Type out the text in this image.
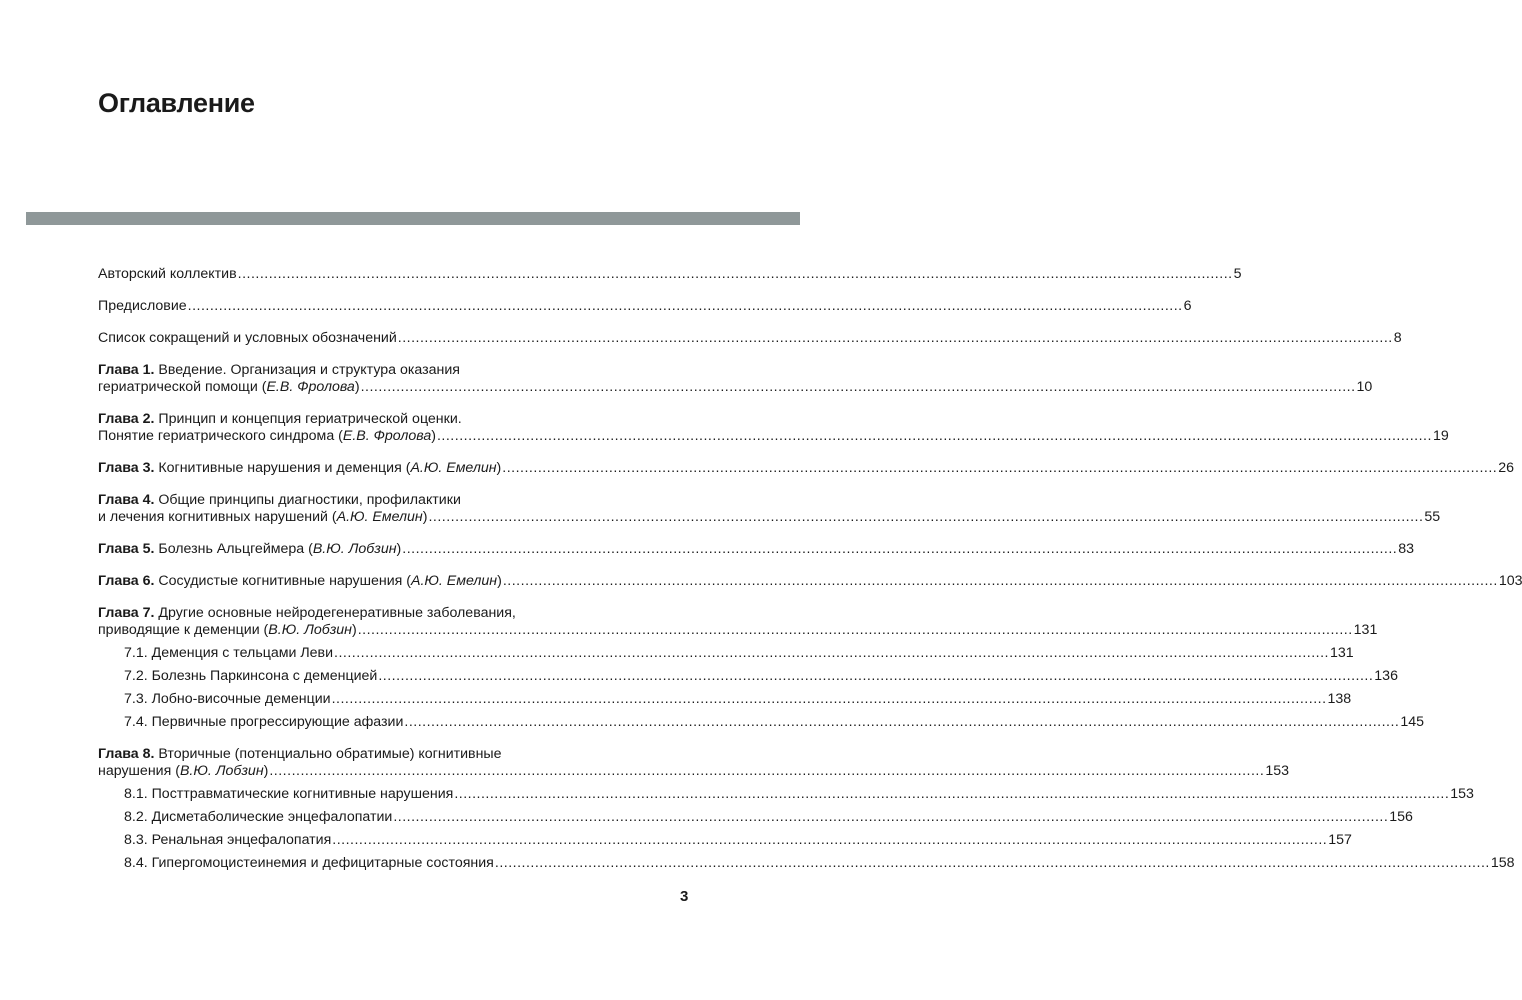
Оглавление
Авторский коллектив .....	5
Предисловие .....	6
Список сокращений и условных обозначений .....	8
Глава 1. Введение. Организация и структура оказания
гериатрической помощи (Е.В. Фролова) .....	10
Глава 2. Принцип и концепция гериатрической оценки.
Понятие гериатрического синдрома (Е.В. Фролова) .....	19
Глава 3. Когнитивные нарушения и деменция (А.Ю. Емелин) .....	26
Глава 4. Общие принципы диагностики, профилактики
и лечения когнитивных нарушений (А.Ю. Емелин) .....	55
Глава 5. Болезнь Альцгеймера (В.Ю. Лобзин) .....	83
Глава 6. Сосудистые когнитивные нарушения (А.Ю. Емелин) .....	103
Глава 7. Другие основные нейродегенеративные заболевания,
приводящие к деменции (В.Ю. Лобзин) .....	131
7.1. Деменция с тельцами Леви .....	131
7.2. Болезнь Паркинсона с деменцией .....	136
7.3. Лобно-височные деменции .....	138
7.4. Первичные прогрессирующие афазии .....	145
Глава 8. Вторичные (потенциально обратимые) когнитивные
нарушения (В.Ю. Лобзин) .....	153
8.1. Посттравматические когнитивные нарушения .....	153
8.2. Дисметаболические энцефалопатии .....	156
8.3. Ренальная энцефалопатия .....	157
8.4. Гипергомоцистеинемия и дефицитарные состояния .....	158
3
